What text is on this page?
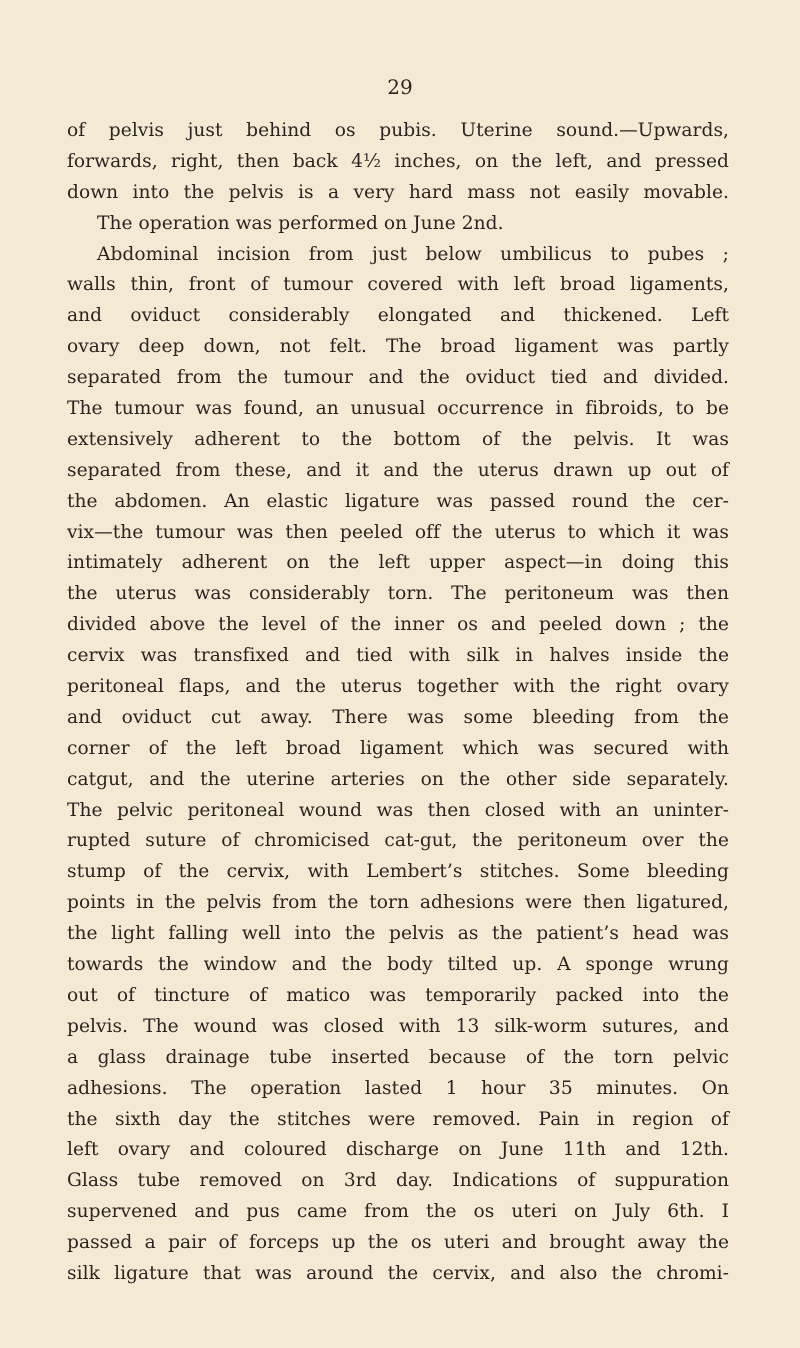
29
of pelvis just behind os pubis. Uterine sound.—Upwards,
forwards, right, then back 4½ inches, on the left, and pressed
down into the pelvis is a very hard mass not easily movable.
The operation was performed on June 2nd.
Abdominal incision from just below umbilicus to pubes ;
walls thin, front of tumour covered with left broad ligaments,
and oviduct considerably elongated and thickened. Left
ovary deep down, not felt. The broad ligament was partly
separated from the tumour and the oviduct tied and divided.
The tumour was found, an unusual occurrence in fibroids, to be
extensively adherent to the bottom of the pelvis. It was
separated from these, and it and the uterus drawn up out of
the abdomen. An elastic ligature was passed round the cer-
vix—the tumour was then peeled off the uterus to which it was
intimately adherent on the left upper aspect—in doing this
the uterus was considerably torn. The peritoneum was then
divided above the level of the inner os and peeled down ; the
cervix was transfixed and tied with silk in halves inside the
peritoneal flaps, and the uterus together with the right ovary
and oviduct cut away. There was some bleeding from the
corner of the left broad ligament which was secured with
catgut, and the uterine arteries on the other side separately.
The pelvic peritoneal wound was then closed with an uninter-
rupted suture of chromicised cat-gut, the peritoneum over the
stump of the cervix, with Lembert’s stitches. Some bleeding
points in the pelvis from the torn adhesions were then ligatured,
the light falling well into the pelvis as the patient’s head was
towards the window and the body tilted up. A sponge wrung
out of tincture of matico was temporarily packed into the
pelvis. The wound was closed with 13 silk-worm sutures, and
a glass drainage tube inserted because of the torn pelvic
adhesions. The operation lasted 1 hour 35 minutes. On
the sixth day the stitches were removed. Pain in region of
left ovary and coloured discharge on June 11th and 12th.
Glass tube removed on 3rd day. Indications of suppuration
supervened and pus came from the os uteri on July 6th. I
passed a pair of forceps up the os uteri and brought away the
silk ligature that was around the cervix, and also the chromi-
